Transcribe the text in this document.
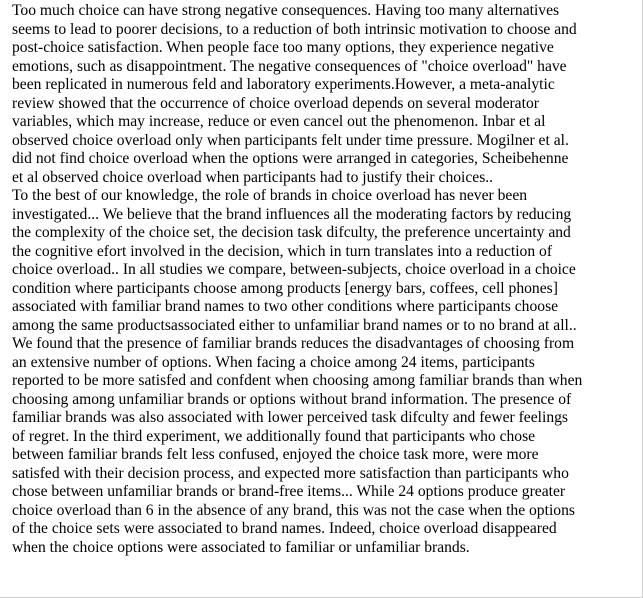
Too much choice can have strong negative consequences. Having too many alternatives
seems to lead to poorer decisions, to a reduction of both intrinsic motivation to choose and
post-choice satisfaction. When people face too many options, they experience negative
emotions, such as disappointment. The negative consequences of "choice overload" have
been replicated in numerous feld and laboratory experiments.However, a meta-analytic
review showed that the occurrence of choice overload depends on several moderator
variables, which may increase, reduce or even cancel out the phenomenon. Inbar et al
observed choice overload only when participants felt under time pressure. Mogilner et al.
did not find choice overload when the options were arranged in categories, Scheibehenne
et al observed choice overload when participants had to justify their choices..

To the best of our knowledge, the role of brands in choice overload has never been
investigated... We believe that the brand influences all the moderating factors by reducing
the complexity of the choice set, the decision task difculty, the preference uncertainty and
the cognitive efort involved in the decision, which in turn translates into a reduction of
choice overload.. In all studies we compare, between-subjects, choice overload in a choice
condition where participants choose among products [energy bars, coffees, cell phones]
associated with familiar brand names to two other conditions where participants choose
among the same productsassociated either to unfamiliar brand names or to no brand at all..

We found that the presence of familiar brands reduces the disadvantages of choosing from
an extensive number of options. When facing a choice among 24 items, participants
reported to be more satisfed and confdent when choosing among familiar brands than when
choosing among unfamiliar brands or options without brand information. The presence of
familiar brands was also associated with lower perceived task difculty and fewer feelings
of regret. In the third experiment, we additionally found that participants who chose
between familiar brands felt less confused, enjoyed the choice task more, were more
satisfed with their decision process, and expected more satisfaction than participants who
chose between unfamiliar brands or brand-free items... While 24 options produce greater
choice overload than 6 in the absence of any brand, this was not the case when the options
of the choice sets were associated to brand names. Indeed, choice overload disappeared
when the choice options were associated to familiar or unfamiliar brands.
